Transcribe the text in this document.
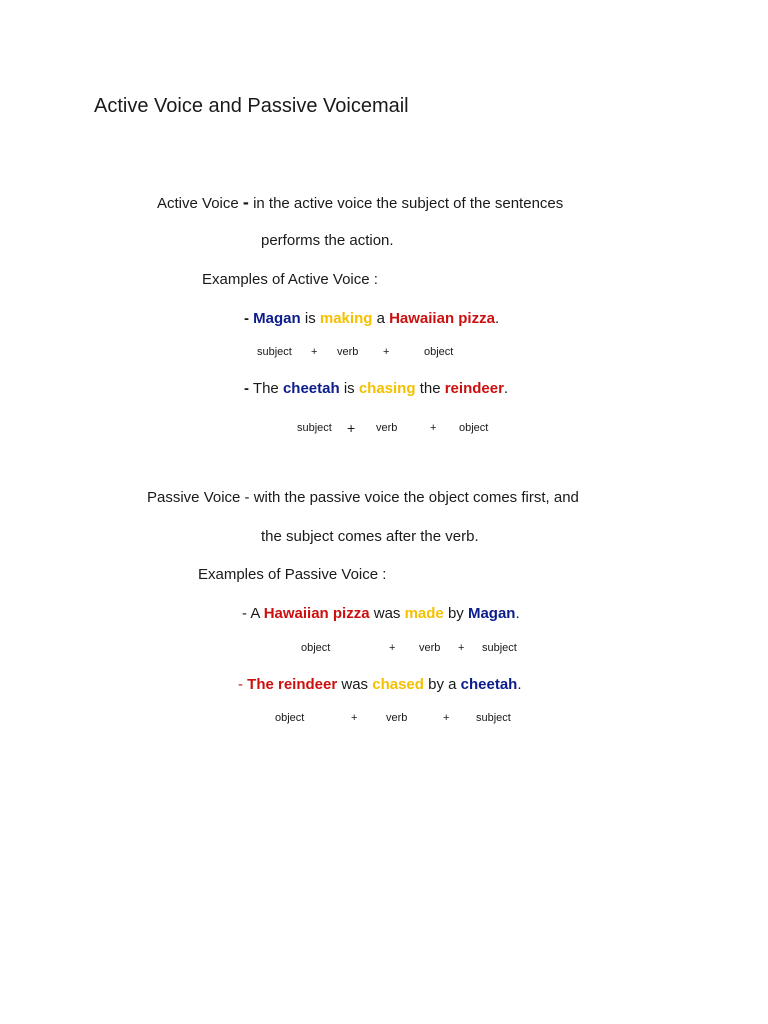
Active Voice and Passive Voicemail
Active Voice - in the active voice the subject of the sentences
performs the action.
Examples of Active Voice :
- Magan is making a Hawaiian pizza.
subject + verb +	object
- The cheetah is chasing the reindeer.
subject + verb	+ object
Passive Voice - with the passive voice the object comes first, and
the subject comes after the verb.
Examples of Passive Voice :
- A Hawaiian pizza was made by Magan.
object	+ verb + subject
- The reindeer was chased by a cheetah.
object	+	verb	+ subject
